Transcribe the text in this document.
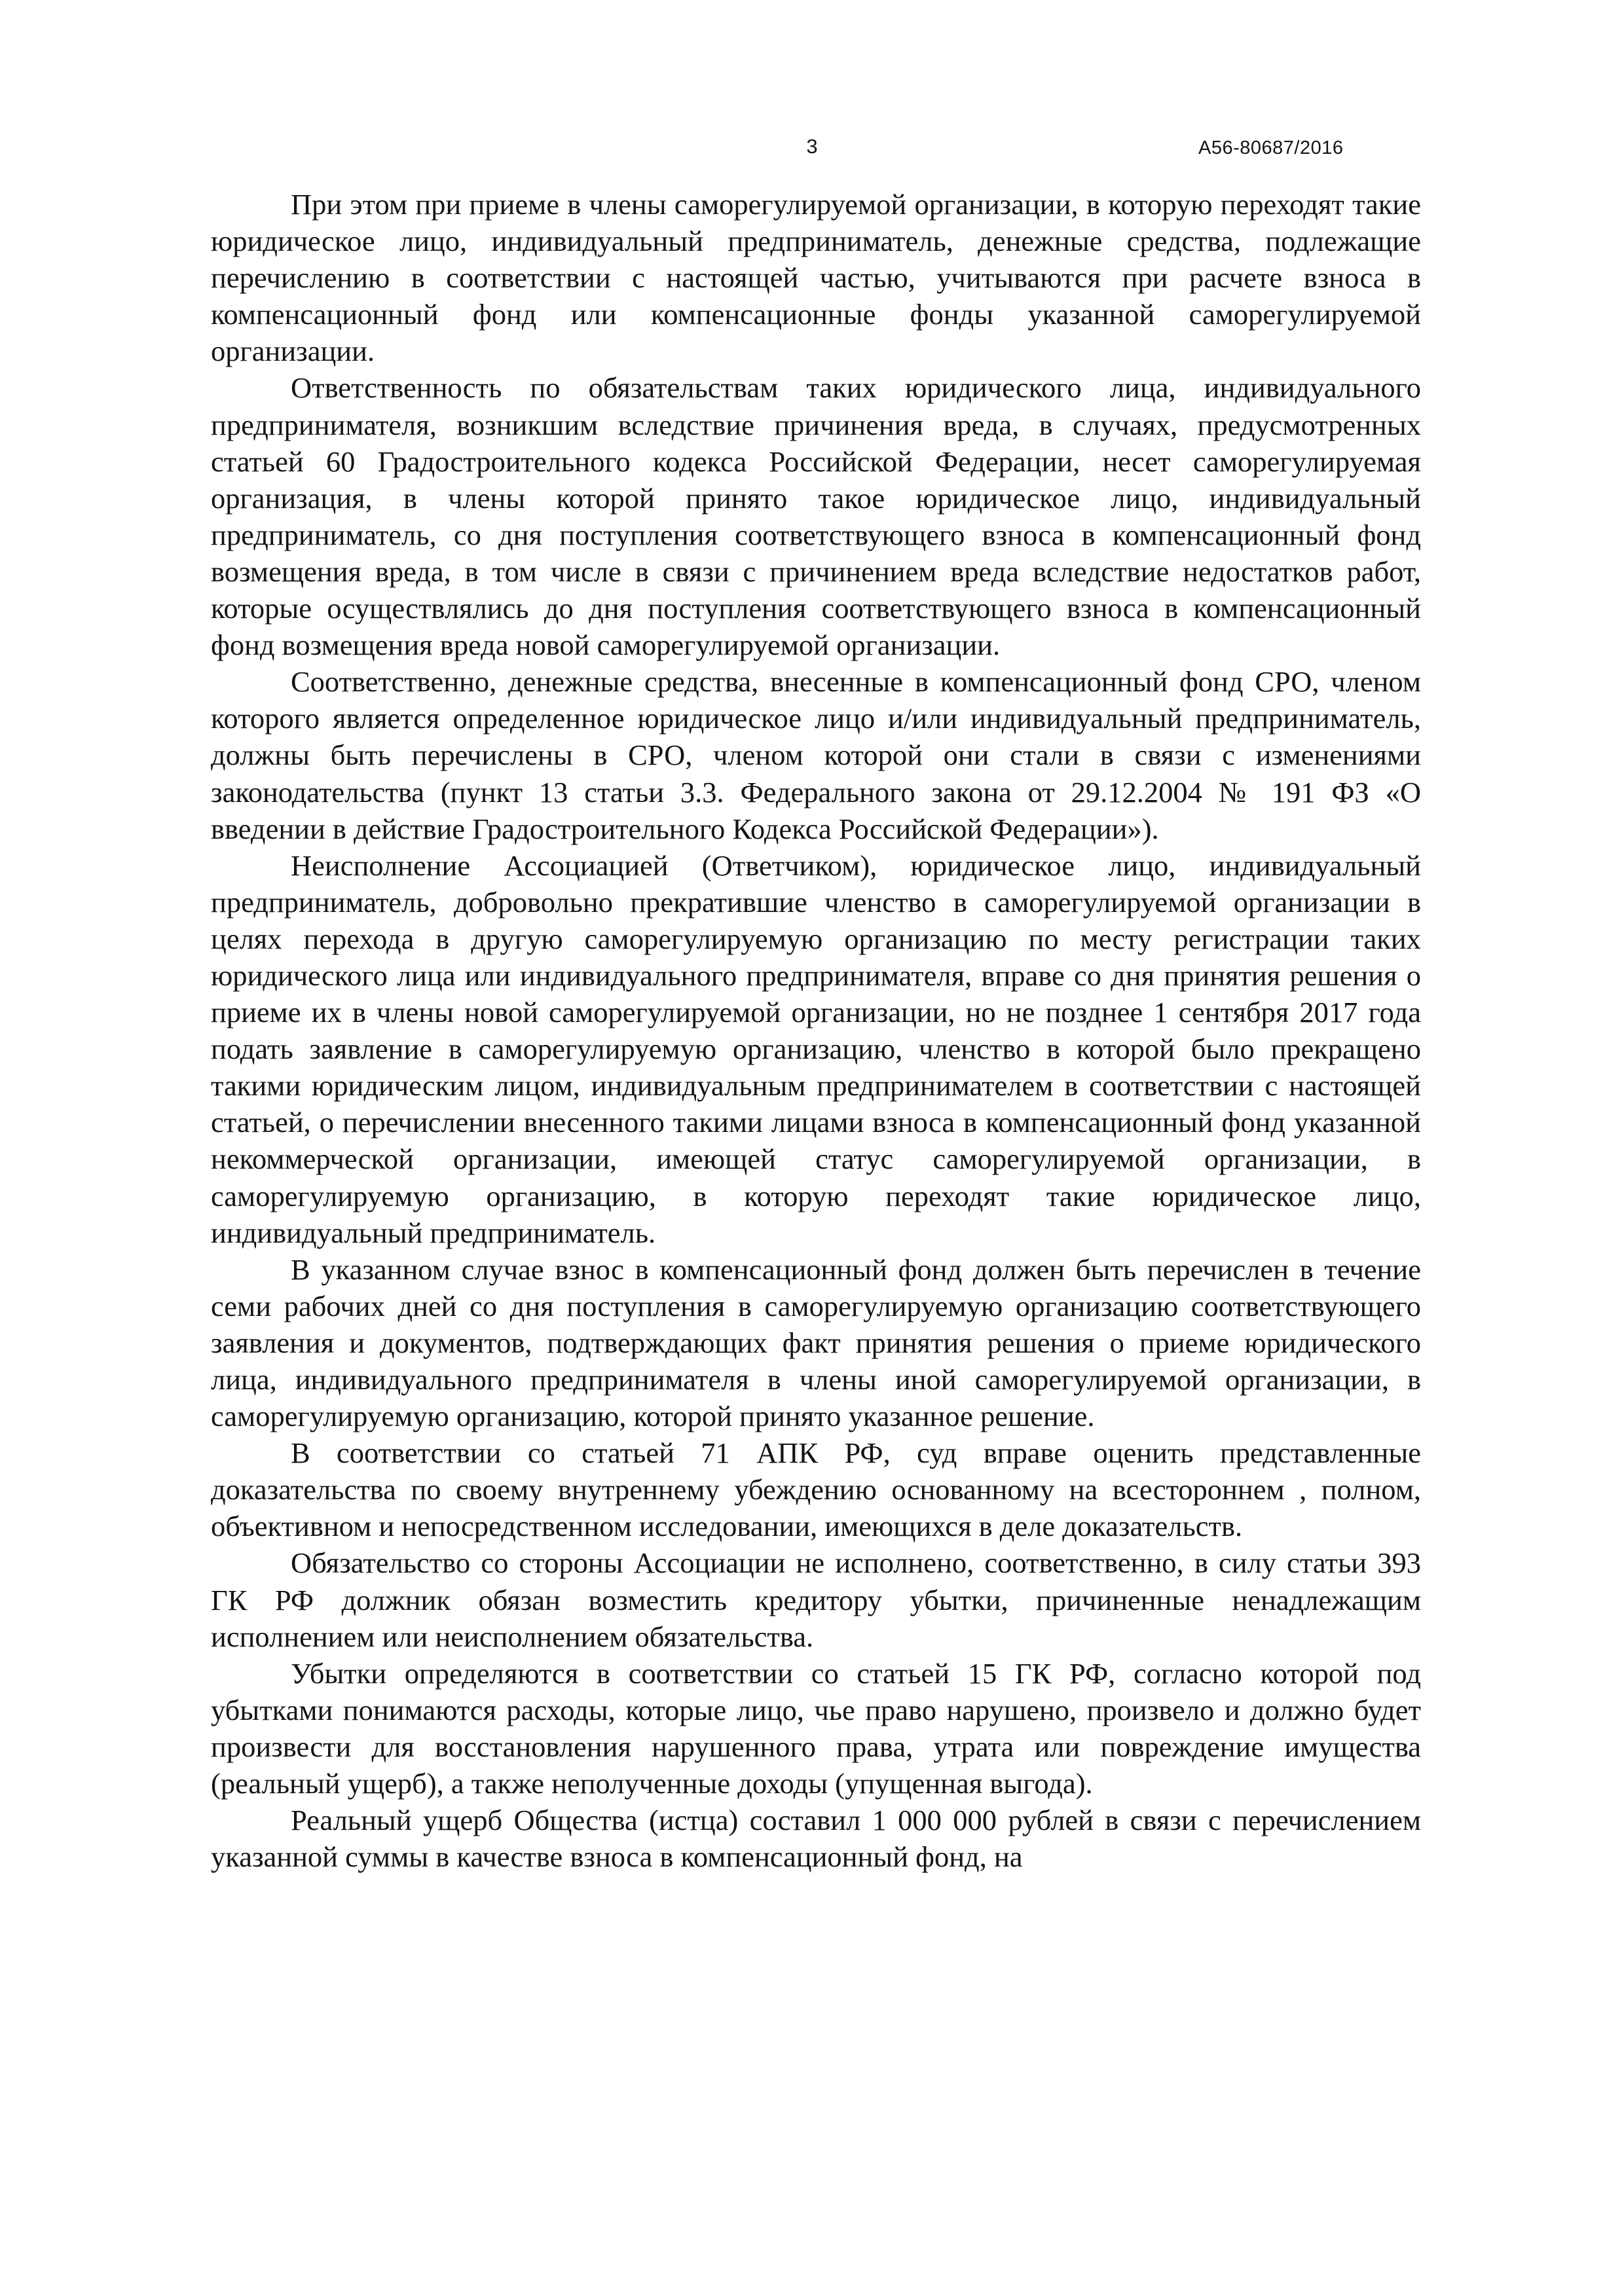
3	А56-80687/2016

При этом при приеме в члены саморегулируемой организации, в которую переходят такие юридическое лицо, индивидуальный предприниматель, денежные средства, подлежащие перечислению в соответствии с настоящей частью, учитываются при расчете взноса в компенсационный фонд или компенсационные фонды указанной саморегулируемой организации.

Ответственность по обязательствам таких юридического лица, индивидуального предпринимателя, возникшим вследствие причинения вреда, в случаях, предусмотренных статьей 60 Градостроительного кодекса Российской Федерации, несет саморегулируемая организация, в члены которой принято такое юридическое лицо, индивидуальный предприниматель, со дня поступления соответствующего взноса в компенсационный фонд возмещения вреда, в том числе в связи с причинением вреда вследствие недостатков работ, которые осуществлялись до дня поступления соответствующего взноса в компенсационный фонд возмещения вреда новой саморегулируемой организации.

Соответственно, денежные средства, внесенные в компенсационный фонд СРО, членом которого является определенное юридическое лицо и/или индивидуальный предприниматель, должны быть перечислены в СРО, членом которой они стали в связи с изменениями законодательства (пункт 13 статьи 3.3. Федерального закона от 29.12.2004 № 191 ФЗ «О введении в действие Градостроительного Кодекса Российской Федерации»).

Неисполнение Ассоциацией (Ответчиком), юридическое лицо, индивидуальный предприниматель, добровольно прекратившие членство в саморегулируемой организации в целях перехода в другую саморегулируемую организацию по месту регистрации таких юридического лица или индивидуального предпринимателя, вправе со дня принятия решения о приеме их в члены новой саморегулируемой организации, но не позднее 1 сентября 2017 года подать заявление в саморегулируемую организацию, членство в которой было прекращено такими юридическим лицом, индивидуальным предпринимателем в соответствии с настоящей статьей, о перечислении внесенного такими лицами взноса в компенсационный фонд указанной некоммерческой организации, имеющей статус саморегулируемой организации, в саморегулируемую организацию, в которую переходят такие юридическое лицо, индивидуальный предприниматель.

В указанном случае взнос в компенсационный фонд должен быть перечислен в течение семи рабочих дней со дня поступления в саморегулируемую организацию соответствующего заявления и документов, подтверждающих факт принятия решения о приеме юридического лица, индивидуального предпринимателя в члены иной саморегулируемой организации, в саморегулируемую организацию, которой принято указанное решение.

В соответствии со статьей 71 АПК РФ, суд вправе оценить представленные доказательства по своему внутреннему убеждению основанному на всестороннем , полном, объективном и непосредственном исследовании, имеющихся в деле доказательств.

Обязательство со стороны Ассоциации не исполнено, соответственно, в силу статьи 393 ГК РФ должник обязан возместить кредитору убытки, причиненные ненадлежащим исполнением или неисполнением обязательства.

Убытки определяются в соответствии со статьей 15 ГК РФ, согласно которой под убытками понимаются расходы, которые лицо, чье право нарушено, произвело и должно будет произвести для восстановления нарушенного права, утрата или повреждение имущества (реальный ущерб), а также неполученные доходы (упущенная выгода).

Реальный ущерб Общества (истца) составил 1 000 000 рублей в связи с перечислением указанной суммы в качестве взноса в компенсационный фонд, на
